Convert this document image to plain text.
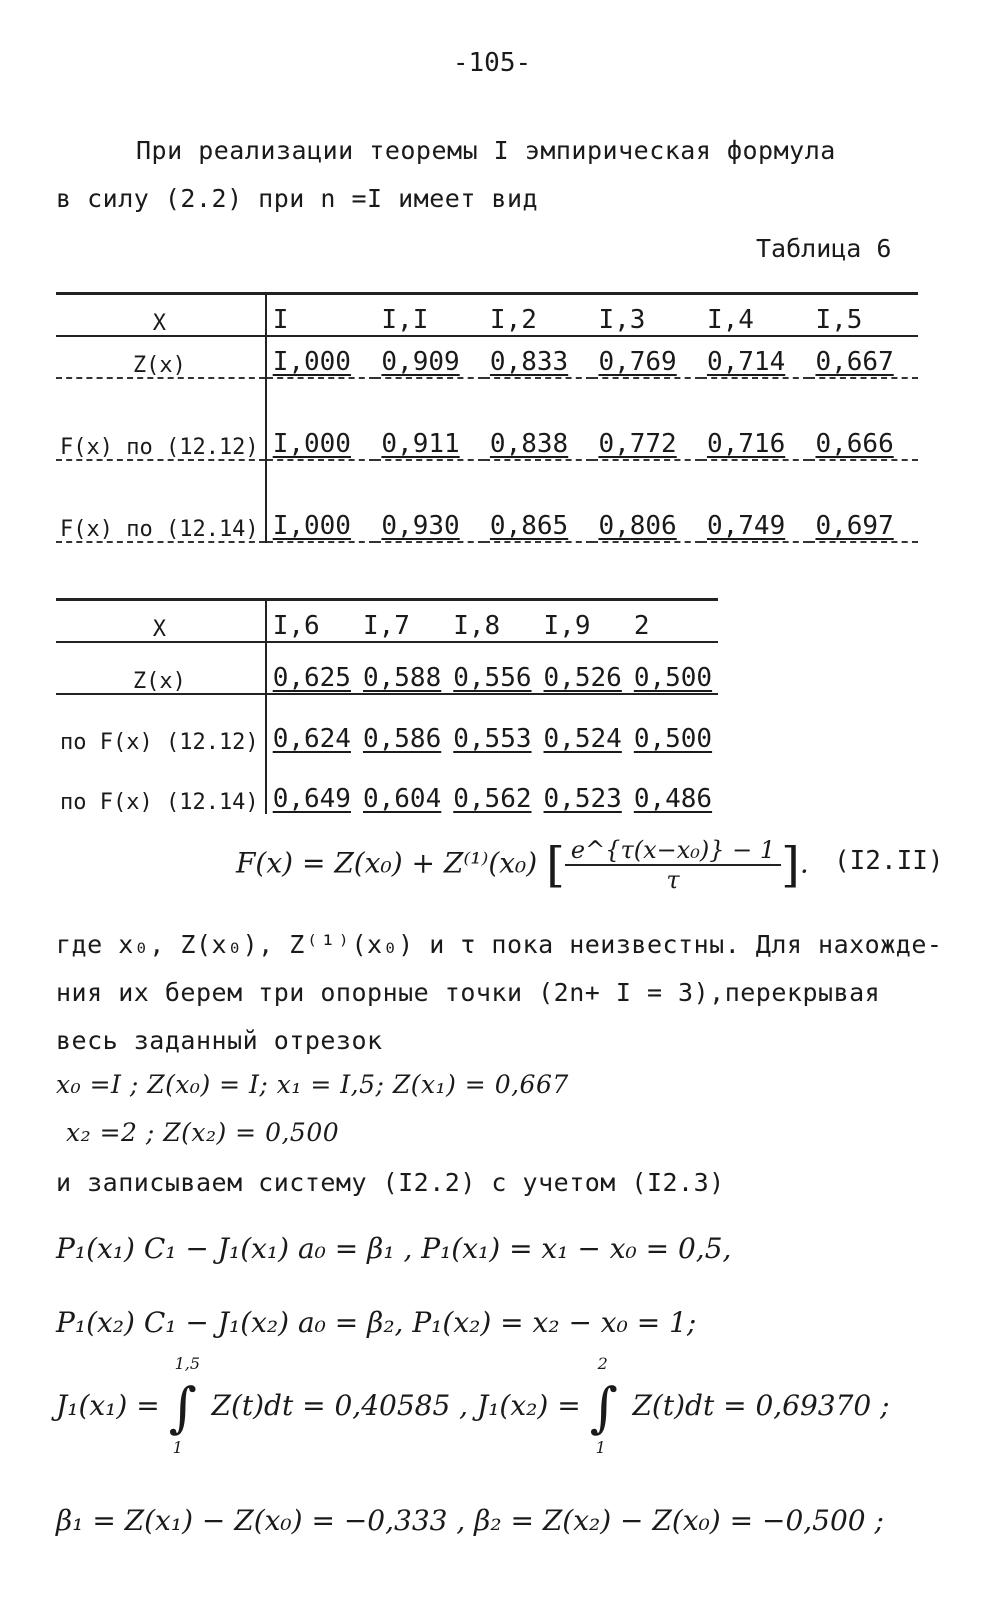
-105-
При реализации теоремы I эмпирическая формула
в силу (2.2) при n =I имеет вид
Таблица 6
X	I	I,I	I,2	I,3	I,4	I,5
Z(x)	I,000	0,909	0,833	0,769	0,714	0,667
F(x) по (12.12)	I,000	0,911	0,838	0,772	0,716	0,666
F(x) по (12.14)	I,000	0,930	0,865	0,806	0,749	0,697
X	I,6	I,7	I,8	I,9	2
Z(x)	0,625	0,588	0,556	0,526	0,500
по F(x) (12.12)	0,624	0,586	0,553	0,524	0,500
по F(x) (12.14)	0,649	0,604	0,562	0,523	0,486
F(x) = Z(x₀) + Z⁽¹⁾(x₀) [ $\frac{\text{e\textasciicircum{}\{τ(x−x₀)\} − 1}}{\tau}$ ]. (I2.II)
где x₀, Z(x₀), Z⁽¹⁾(x₀) и τ пока неизвестны. Для нахожде-
ния их берем три опорные точки (2n+ I = 3),перекрывая
весь заданный отрезок
x₀ =I ; Z(x₀) = I; x₁ = I,5; Z(x₁) = 0,667
x₂ =2 ; Z(x₂) = 0,500
и записываем систему (I2.2) с учетом (I2.3)
P₁(x₁) C₁ − J₁(x₁) a₀ = β₁ , P₁(x₁) = x₁ − x₀ = 0,5,
P₁(x₂) C₁ − J₁(x₂) a₀ = β₂, P₁(x₂) = x₂ − x₀ = 1;
J₁(x₁) = ∫
1,5
1
Z(t)dt = 0,40585 , J₁(x₂) = ∫
2
1
Z(t)dt = 0,69370 ;
β₁ = Z(x₁) − Z(x₀) = −0,333 , β₂ = Z(x₂) − Z(x₀) = −0,500 ;
